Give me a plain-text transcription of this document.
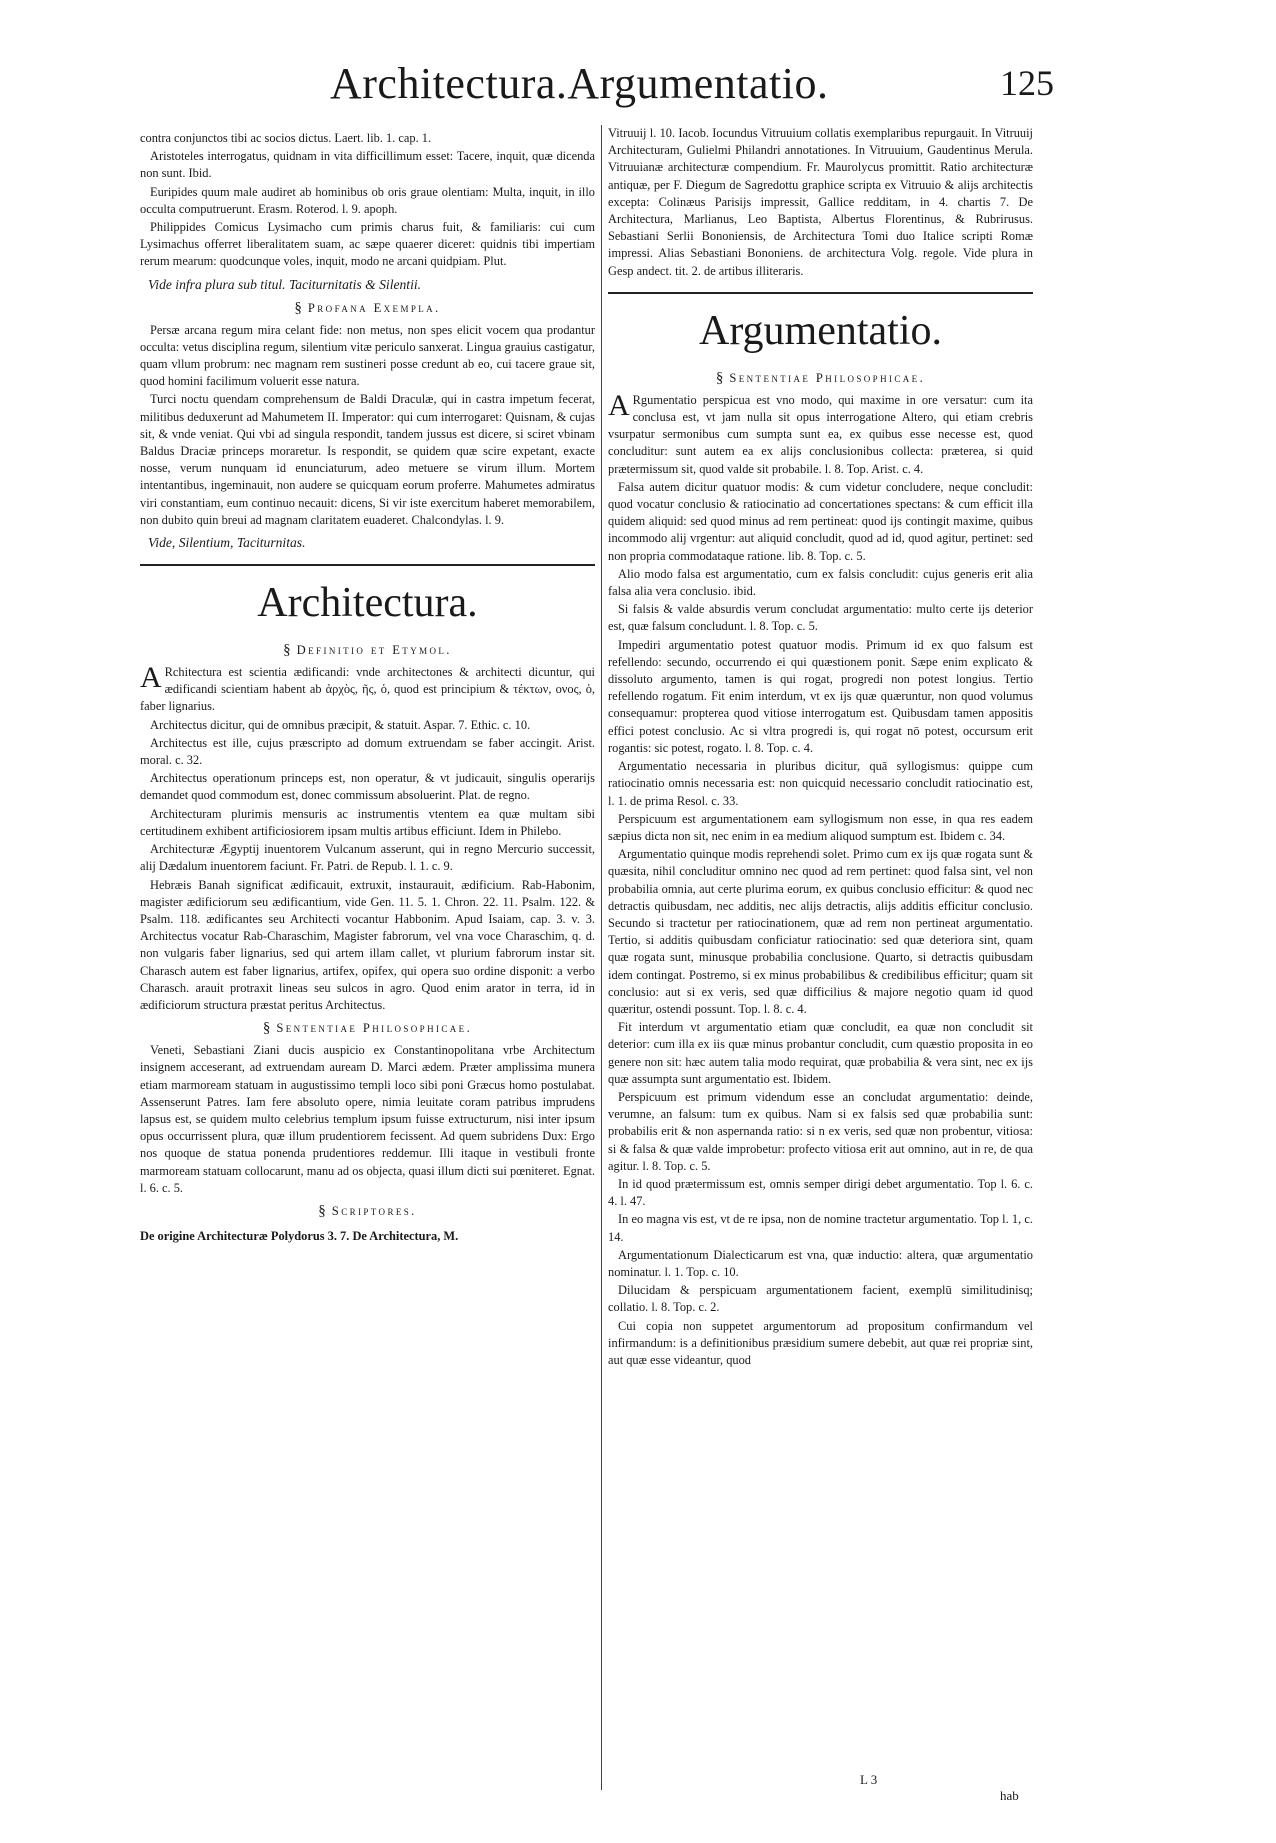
Architectura.Argumentatio.	125

contra conjunctos tibi ac socios dictus. Laert. lib. 1. cap. 1.

Aristoteles interrogatus, quidnam in vita difficillimum esset: Tacere, inquit, quæ dicenda non sunt. Ibid.

Euripides quum male audiret ab hominibus ob oris graue olentiam: Multa, inquit, in illo occulta computruerunt. Erasm. Roterod. l. 9. apoph.

Philippides Comicus Lysimacho cum primis charus fuit, & familiaris: cui cum Lysimachus offerret liberalitatem suam, ac sæpe quaerer diceret: quidnis tibi impertiam rerum mearum: quodcunque voles, inquit, modo ne arcani quidpiam. Plut.

Vide infra plura sub titul. Taciturnitatis & Silentii.
§ Profana Exempla.

Persæ arcana regum mira celant fide: non metus, non spes elicit vocem qua prodantur occulta: vetus disciplina regum, silentium vitæ periculo sanxerat. Lingua grauius castigatur, quam vllum probrum: nec magnam rem sustineri posse credunt ab eo, cui tacere graue sit, quod homini facilimum voluerit esse natura.

Turci noctu quendam comprehensum de Baldi Draculæ, qui in castra impetum fecerat, militibus deduxerunt ad Mahumetem II. Imperator: qui cum interrogaret: Quisnam, & cujas sit, & vnde veniat. Qui vbi ad singula respondit, tandem jussus est dicere, si sciret vbinam Baldus Draciæ princeps moraretur. Is respondit, se quidem quæ scire expetant, exacte nosse, verum nunquam id enunciaturum, adeo metuere se virum illum. Mortem intentantibus, ingeminauit, non audere se quicquam eorum proferre. Mahumetes admiratus viri constantiam, eum continuo necauit: dicens, Si vir iste exercitum haberet memorabilem, non dubito quin breui ad magnam claritatem euaderet. Chalcondylas. l. 9.

Vide, Silentium, Taciturnitas.
Architectura.
§ Definitio et Etymol.

A Rchitectura est scientia ædificandi: vnde architectones & architecti dicuntur, qui ædificandi scientiam habent ab ἀρχὸς, ῆς, ὁ, quod est principium & τέκτων, ονος, ὁ, faber lignarius.

Architectus dicitur, qui de omnibus præcipit, & statuit. Aspar. 7. Ethic. c. 10.

Architectus est ille, cujus præscripto ad domum extruendam se faber accingit. Arist. moral. c. 32.

Architectus operationum princeps est, non operatur, & vt judicauit, singulis operarijs demandet quod commodum est, donec commissum absoluerint. Plat. de regno.

Architecturam plurimis mensuris ac instrumentis vtentem ea quæ multam sibi certitudinem exhibent artificiosiorem ipsam multis artibus efficiunt. Idem in Philebo.

Architecturæ Ægyptij inuentorem Vulcanum asserunt, qui in regno Mercurio successit, alij Dædalum inuentorem faciunt. Fr. Patri. de Repub. l. 1. c. 9.

Hebræis Banah significat ædificauit, extruxit, instaurauit, ædificium. Rab-Habonim, magister ædificiorum seu ædificantium, vide Gen. 11. 5. 1. Chron. 22. 11. Psalm. 122. & Psalm. 118. ædificantes seu Architecti vocantur Habbonim. Apud Isaiam, cap. 3. v. 3. Architectus vocatur Rab-Charaschim, Magister fabrorum, vel vna voce Charaschim, q. d. non vulgaris faber lignarius, sed qui artem illam callet, vt plurium fabrorum instar sit. Charasch autem est faber lignarius, artifex, opifex, qui opera suo ordine disponit: a verbo Charasch. arauit protraxit lineas seu sulcos in agro. Quod enim arator in terra, id in ædificiorum structura præstat peritus Architectus.

§ Sententiae Philosophicae.

Veneti, Sebastiani Ziani ducis auspicio ex Constantinopolitana vrbe Architectum insignem acceserant, ad extruendam auream D. Marci ædem. Præter amplissima munera etiam marmoream statuam in augustissimo templi loco sibi poni Græcus homo postulabat. Assenserunt Patres. Iam fere absoluto opere, nimia leuitate coram patribus imprudens lapsus est, se quidem multo celebrius templum ipsum fuisse extructurum, nisi inter ipsum opus occurrissent plura, quæ illum prudentiorem fecissent. Ad quem subridens Dux: Ergo nos quoque de statua ponenda prudentiores reddemur. Illi itaque in vestibuli fronte marmoream statuam collocarunt, manu ad os objecta, quasi illum dicti sui pœniteret. Egnat. l. 6. c. 5.

§ Scriptores.
De origine Architecturæ Polydorus 3. 7. De Architectura, M.

Vitruuij l. 10. Iacob. Iocundus Vitruuium collatis exemplaribus repurgauit. In Vitruuij Architecturam, Gulielmi Philandri annotationes. In Vitruuium, Gaudentinus Merula. Vitruuianæ architecturæ compendium. Fr. Maurolycus promittit. Ratio architecturæ antiquæ, per F. Diegum de Sagredottu graphice scripta ex Vitruuio & alijs architectis excepta: Colinæus Parisijs impressit, Gallice redditam, in 4. chartis 7. De Architectura, Marlianus, Leo Baptista, Albertus Florentinus, & Rubrirusus. Sebastiani Serlii Bononiensis, de Architectura Tomi duo Italice scripti Romæ impressi. Alias Sebastiani Bononiens. de architectura Volg. regole. Vide plura in Gesp andect. tit. 2. de artibus illiteraris.

Argumentatio.
§ Sententiae Philosophicae.

A Rgumentatio perspicua est vno modo, qui maxime in ore versatur: cum ita conclusa est, vt jam nulla sit opus interrogatione Altero, qui etiam crebris vsurpatur sermonibus cum sumpta sunt ea, ex quibus esse necesse est, quod concluditur: sunt autem ea ex alijs conclusionibus collecta: præterea, si quid prætermissum sit, quod valde sit probabile. l. 8. Top. Arist. c. 4.

Falsa autem dicitur quatuor modis: & cum videtur concludere, neque concludit: quod vocatur conclusio & ratiocinatio ad concertationes spectans: & cum efficit illa quidem aliquid: sed quod minus ad rem pertineat: quod ijs contingit maxime, quibus incommodo alij vrgentur: aut aliquid concludit, quod ad id, quod agitur, pertinet: sed non propria commodataque ratione. lib. 8. Top. c. 5.

Alio modo falsa est argumentatio, cum ex falsis concludit: cujus generis erit alia falsa alia vera conclusio. ibid.

Si falsis & valde absurdis verum concludat argumentatio: multo certe ijs deterior est, quæ falsum concludunt. l. 8. Top. c. 5.

Impediri argumentatio potest quatuor modis. Primum id ex quo falsum est refellendo: secundo, occurrendo ei qui quæstionem ponit. Sæpe enim explicato & dissoluto argumento, tamen is qui rogat, progredi non potest longius. Tertio refellendo rogatum. Fit enim interdum, vt ex ijs quæ quæruntur, non quod volumus consequamur: propterea quod vitiose interrogatum est. Quibusdam tamen appositis effici potest conclusio. Ac si vltra progredi is, qui rogat nō potest, occursum erit rogantis: sic potest, rogato. l. 8. Top. c. 4.

Argumentatio necessaria in pluribus dicitur, quā syllogismus: quippe cum ratiocinatio omnis necessaria est: non quicquid necessario concludit ratiocinatio est, l. 1. de prima Resol. c. 33.

Perspicuum est argumentationem eam syllogismum non esse, in qua res eadem sæpius dicta non sit, nec enim in ea medium aliquod sumptum est. Ibidem c. 34.

Argumentatio quinque modis reprehendi solet. Primo cum ex ijs quæ rogata sunt & quæsita, nihil concluditur omnino nec quod ad rem pertinet: quod falsa sint, vel non probabilia omnia, aut certe plurima eorum, ex quibus conclusio efficitur: & quod nec detractis quibusdam, nec additis, nec alijs detractis, alijs additis efficitur conclusio. Secundo si tractetur per ratiocinationem, quæ ad rem non pertineat argumentatio. Tertio, si additis quibusdam conficiatur ratiocinatio: sed quæ deteriora sint, quam quæ rogata sunt, minusque probabilia conclusione. Quarto, si detractis quibusdam idem contingat. Postremo, si ex minus probabilibus & credibilibus efficitur; quam sit conclusio: aut si ex veris, sed quæ difficilius & majore negotio quam id quod quæritur, ostendi possunt. Top. l. 8. c. 4.

Fit interdum vt argumentatio etiam quæ concludit, ea quæ non concludit sit deterior: cum illa ex iis quæ minus probantur concludit, cum quæstio proposita in eo genere non sit: hæc autem talia modo requirat, quæ probabilia & vera sint, nec ex ijs quæ assumpta sunt argumentatio est. Ibidem.

Perspicuum est primum videndum esse an concludat argumentatio: deinde, verumne, an falsum: tum ex quibus. Nam si ex falsis sed quæ probabilia sunt: probabilis erit & non aspernanda ratio: si n ex veris, sed quæ non probentur, vitiosa: si & falsa & quæ valde improbetur: profecto vitiosa erit aut omnino, aut in re, de qua agitur. l. 8. Top. c. 5.

In id quod prætermissum est, omnis semper dirigi debet argumentatio. Top l. 6. c. 4. l. 47.

In eo magna vis est, vt de re ipsa, non de nomine tractetur argumentatio. Top l. 1, c. 14.

Argumentationum Dialecticarum est vna, quæ inductio: altera, quæ argumentatio nominatur. l. 1. Top. c. 10.

Dilucidam & perspicuam argumentationem facient, exemplū similitudinisq; collatio. l. 8. Top. c. 2.

Cui copia non suppetet argumentorum ad propositum confirmandum vel infirmandum: is a definitionibus præsidium sumere debebit, aut quæ rei propriæ sint, aut quæ esse videantur, quod

L 3
hab
